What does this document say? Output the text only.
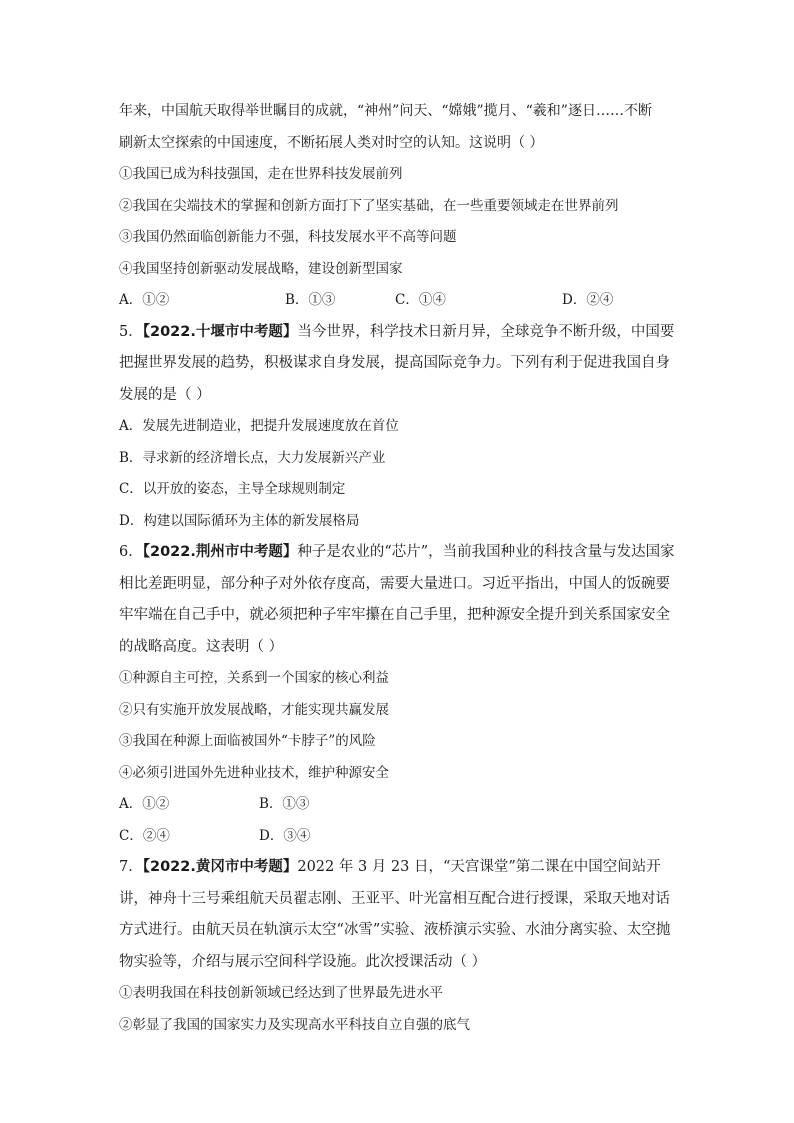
年来，中国航天取得举世瞩目的成就，“神州”问天、“嫦娥”揽月、“羲和”逐日……不断
刷新太空探索的中国速度，不断拓展人类对时空的认知。这说明（ ）
①我国已成为科技强国，走在世界科技发展前列
②我国在尖端技术的掌握和创新方面打下了坚实基础，在一些重要领域走在世界前列
③我国仍然面临创新能力不强，科技发展水平不高等问题
④我国坚持创新驱动发展战略，建设创新型国家
A．①②	B．①③	C．①④	D．②④
5．【2022.十堰市中考题】当今世界，科学技术日新月异，全球竞争不断升级，中国要把握世界发展的趋势，积极谋求自身发展，提高国际竞争力。下列有利于促进我国自身发展的是（ ）
A．发展先进制造业，把提升发展速度放在首位
B．寻求新的经济增长点，大力发展新兴产业
C．以开放的姿态，主导全球规则制定
D．构建以国际循环为主体的新发展格局
6．【2022.荆州市中考题】种子是农业的“芯片”，当前我国种业的科技含量与发达国家相比差距明显，部分种子对外依存度高，需要大量进口。习近平指出，中国人的饭碗要牢牢端在自己手中，就必须把种子牢牢攥在自己手里，把种源安全提升到关系国家安全的战略高度。这表明（ ）
①种源自主可控，关系到一个国家的核心利益
②只有实施开放发展战略，才能实现共赢发展
③我国在种源上面临被国外“卡脖子”的风险
④必须引进国外先进种业技术，维护种源安全
A．①②	B．①③
C．②④	D．③④
7．【2022.黄冈市中考题】2022 年 3 月 23 日，“天宫课堂”第二课在中国空间站开讲，神舟十三号乘组航天员翟志刚、王亚平、叶光富相互配合进行授课，采取天地对话方式进行。由航天员在轨演示太空“冰雪”实验、液桥演示实验、水油分离实验、太空抛物实验等，介绍与展示空间科学设施。此次授课活动（ ）
①表明我国在科技创新领域已经达到了世界最先进水平
②彰显了我国的国家实力及实现高水平科技自立自强的底气
